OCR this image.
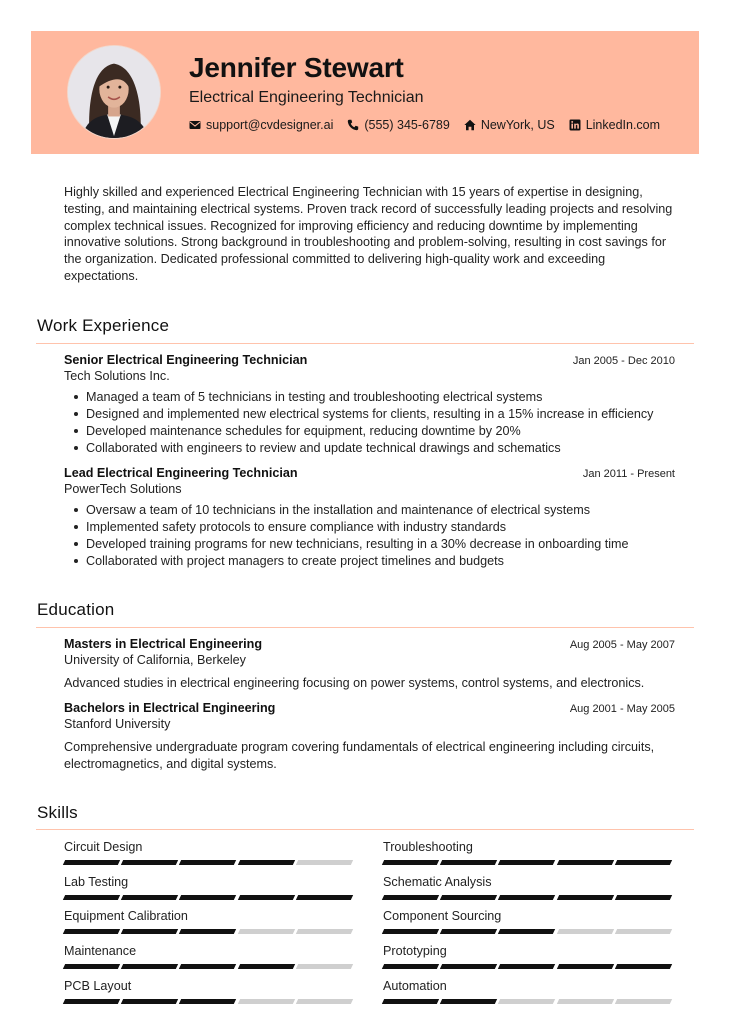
Jennifer Stewart
Electrical Engineering Technician
support@cvdesigner.ai (555) 345-6789 NewYork, US LinkedIn.com

Highly skilled and experienced Electrical Engineering Technician with 15 years of expertise in designing, testing, and maintaining electrical systems. Proven track record of successfully leading projects and resolving complex technical issues. Recognized for improving efficiency and reducing downtime by implementing innovative solutions. Strong background in troubleshooting and problem-solving, resulting in cost savings for the organization. Dedicated professional committed to delivering high-quality work and exceeding expectations.

Work Experience
Senior Electrical Engineering Technician	Jan 2005 - Dec 2010
Tech Solutions Inc.
Managed a team of 5 technicians in testing and troubleshooting electrical systems
Designed and implemented new electrical systems for clients, resulting in a 15% increase in efficiency
Developed maintenance schedules for equipment, reducing downtime by 20%
Collaborated with engineers to review and update technical drawings and schematics
Lead Electrical Engineering Technician	Jan 2011 - Present
PowerTech Solutions
Oversaw a team of 10 technicians in the installation and maintenance of electrical systems
Implemented safety protocols to ensure compliance with industry standards
Developed training programs for new technicians, resulting in a 30% decrease in onboarding time
Collaborated with project managers to create project timelines and budgets
Education
Masters in Electrical Engineering	Aug 2005 - May 2007
University of California, Berkeley
Advanced studies in electrical engineering focusing on power systems, control systems, and electronics.
Bachelors in Electrical Engineering	Aug 2001 - May 2005
Stanford University
Comprehensive undergraduate program covering fundamentals of electrical engineering including circuits, electromagnetics, and digital systems.
Skills
Circuit Design	Troubleshooting
Lab Testing	Schematic Analysis
Equipment Calibration	Component Sourcing
Maintenance	Prototyping
PCB Layout	Automation
